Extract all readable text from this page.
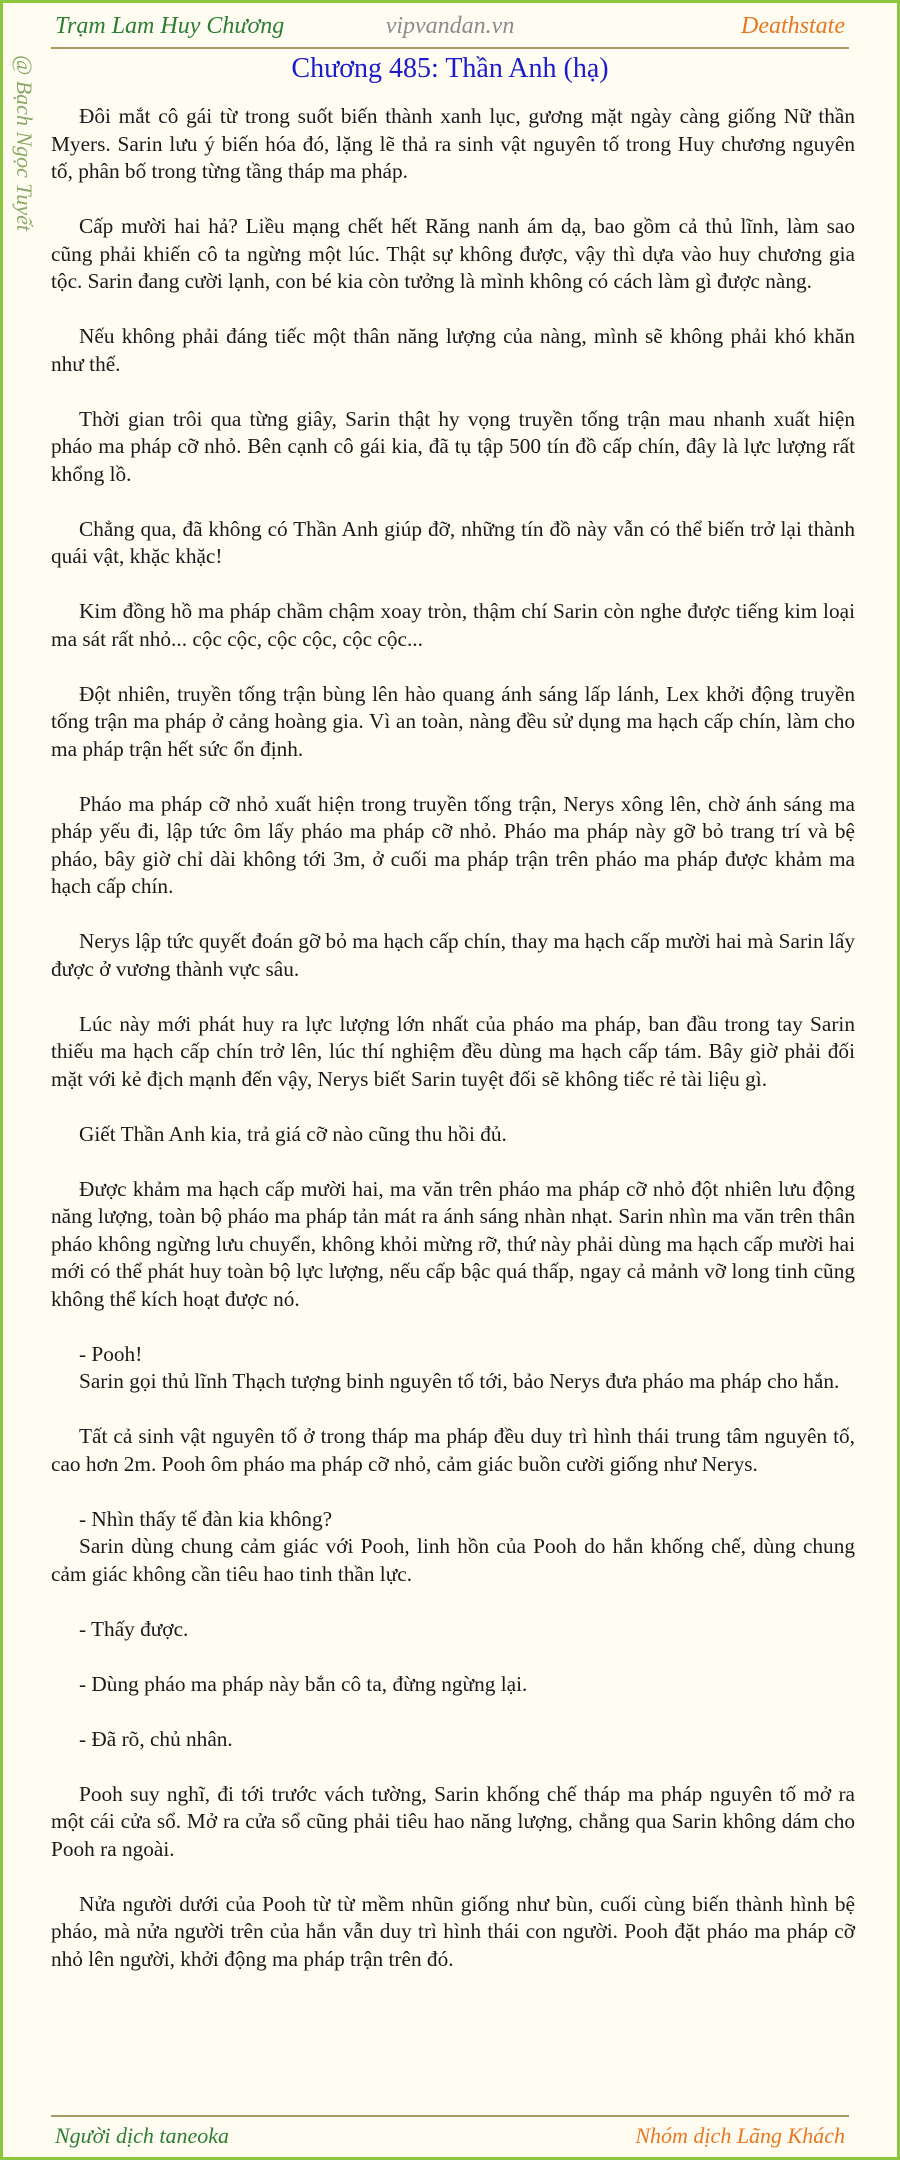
Trạm Lam Huy Chương	vipvandan.vn	Deathstate
@ Bạch Ngọc Tuyết	Chương 485: Thần Anh (hạ)

Đôi mắt cô gái từ trong suốt biến thành xanh lục, gương mặt ngày càng giống Nữ thần Myers. Sarin lưu ý biến hóa đó, lặng lẽ thả ra sinh vật nguyên tố trong Huy chương nguyên tố, phân bố trong từng tầng tháp ma pháp.

Cấp mười hai hả? Liều mạng chết hết Răng nanh ám dạ, bao gồm cả thủ lĩnh, làm sao cũng phải khiến cô ta ngừng một lúc. Thật sự không được, vậy thì dựa vào huy chương gia tộc. Sarin đang cười lạnh, con bé kia còn tưởng là mình không có cách làm gì được nàng.

Nếu không phải đáng tiếc một thân năng lượng của nàng, mình sẽ không phải khó khăn như thế.

Thời gian trôi qua từng giây, Sarin thật hy vọng truyền tống trận mau nhanh xuất hiện pháo ma pháp cỡ nhỏ. Bên cạnh cô gái kia, đã tụ tập 500 tín đồ cấp chín, đây là lực lượng rất khổng lồ.

Chẳng qua, đã không có Thần Anh giúp đỡ, những tín đồ này vẫn có thể biến trở lại thành quái vật, khặc khặc!

Kim đồng hồ ma pháp chầm chậm xoay tròn, thậm chí Sarin còn nghe được tiếng kim loại ma sát rất nhỏ... cộc cộc, cộc cộc, cộc cộc...

Đột nhiên, truyền tống trận bùng lên hào quang ánh sáng lấp lánh, Lex khởi động truyền tống trận ma pháp ở cảng hoàng gia. Vì an toàn, nàng đều sử dụng ma hạch cấp chín, làm cho ma pháp trận hết sức ổn định.

Pháo ma pháp cỡ nhỏ xuất hiện trong truyền tống trận, Nerys xông lên, chờ ánh sáng ma pháp yếu đi, lập tức ôm lấy pháo ma pháp cỡ nhỏ. Pháo ma pháp này gỡ bỏ trang trí và bệ pháo, bây giờ chỉ dài không tới 3m, ở cuối ma pháp trận trên pháo ma pháp được khảm ma hạch cấp chín.

Nerys lập tức quyết đoán gỡ bỏ ma hạch cấp chín, thay ma hạch cấp mười hai mà Sarin lấy được ở vương thành vực sâu.

Lúc này mới phát huy ra lực lượng lớn nhất của pháo ma pháp, ban đầu trong tay Sarin thiếu ma hạch cấp chín trở lên, lúc thí nghiệm đều dùng ma hạch cấp tám. Bây giờ phải đối mặt với kẻ địch mạnh đến vậy, Nerys biết Sarin tuyệt đối sẽ không tiếc rẻ tài liệu gì.

Giết Thần Anh kia, trả giá cỡ nào cũng thu hồi đủ.

Được khảm ma hạch cấp mười hai, ma văn trên pháo ma pháp cỡ nhỏ đột nhiên lưu động năng lượng, toàn bộ pháo ma pháp tản mát ra ánh sáng nhàn nhạt. Sarin nhìn ma văn trên thân pháo không ngừng lưu chuyển, không khỏi mừng rỡ, thứ này phải dùng ma hạch cấp mười hai mới có thể phát huy toàn bộ lực lượng, nếu cấp bậc quá thấp, ngay cả mảnh vỡ long tinh cũng không thể kích hoạt được nó.

- Pooh!

Sarin gọi thủ lĩnh Thạch tượng binh nguyên tố tới, bảo Nerys đưa pháo ma pháp cho hắn.

Tất cả sinh vật nguyên tố ở trong tháp ma pháp đều duy trì hình thái trung tâm nguyên tố, cao hơn 2m. Pooh ôm pháo ma pháp cỡ nhỏ, cảm giác buồn cười giống như Nerys.

- Nhìn thấy tế đàn kia không?

Sarin dùng chung cảm giác với Pooh, linh hồn của Pooh do hắn khống chế, dùng chung cảm giác không cần tiêu hao tinh thần lực.

- Thấy được.

- Dùng pháo ma pháp này bắn cô ta, đừng ngừng lại.

- Đã rõ, chủ nhân.

Pooh suy nghĩ, đi tới trước vách tường, Sarin khống chế tháp ma pháp nguyên tố mở ra một cái cửa sổ. Mở ra cửa sổ cũng phải tiêu hao năng lượng, chẳng qua Sarin không dám cho Pooh ra ngoài.

Nửa người dưới của Pooh từ từ mềm nhũn giống như bùn, cuối cùng biến thành hình bệ pháo, mà nửa người trên của hắn vẫn duy trì hình thái con người. Pooh đặt pháo ma pháp cỡ nhỏ lên người, khởi động ma pháp trận trên đó.

Người dịch taneoka	Nhóm dịch Lãng Khách
